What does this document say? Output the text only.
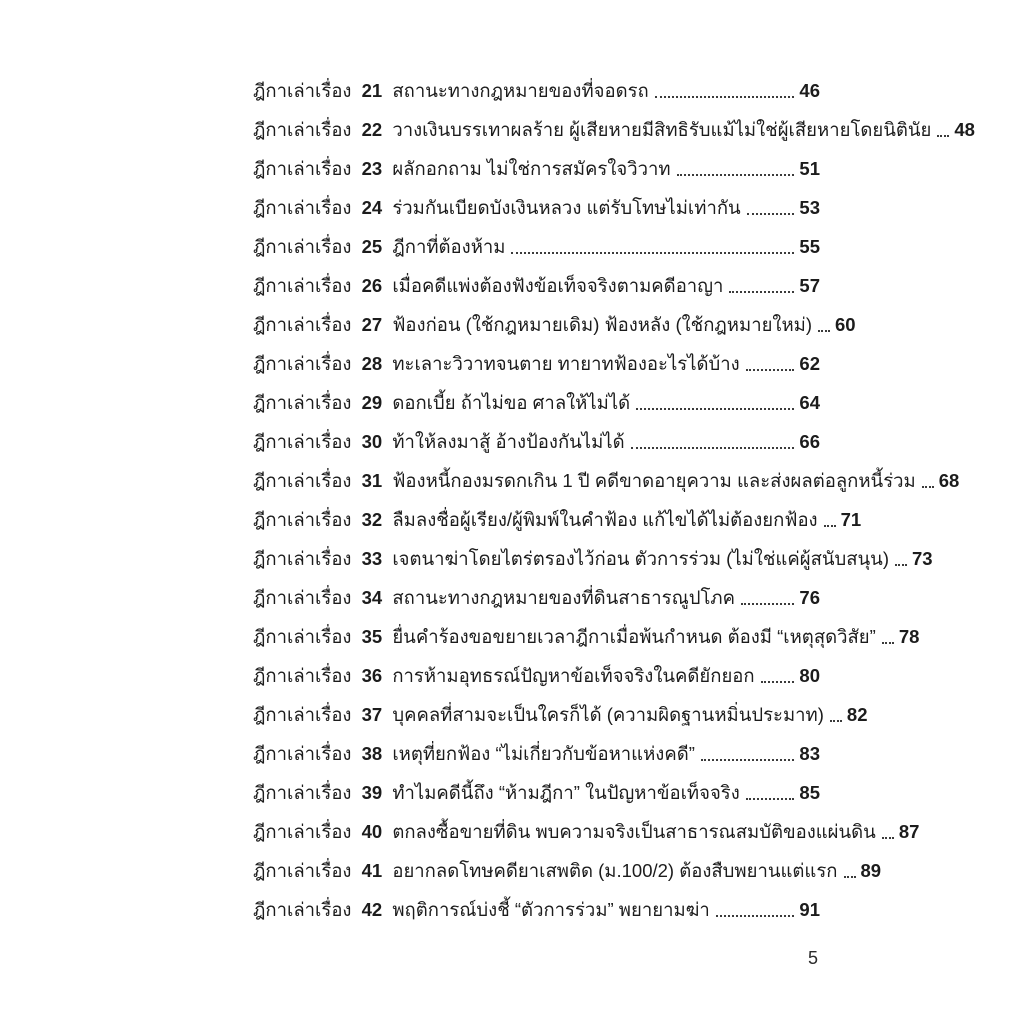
ฎีกาเล่าเรื่อง 21 สถานะทางกฎหมายของที่จอดรถ	46
ฎีกาเล่าเรื่อง 22 วางเงินบรรเทาผลร้าย ผู้เสียหายมีสิทธิรับแม้ไม่ใช่ผู้เสียหายโดยนิตินัย 48
ฎีกาเล่าเรื่อง 23 ผลักอกถาม ไม่ใช่การสมัครใจวิวาท	51
ฎีกาเล่าเรื่อง 24 ร่วมกันเบียดบังเงินหลวง แต่รับโทษไม่เท่ากัน	53
ฎีกาเล่าเรื่อง 25 ฎีกาที่ต้องห้าม	55
ฎีกาเล่าเรื่อง 26 เมื่อคดีแพ่งต้องฟังข้อเท็จจริงตามคดีอาญา	57
ฎีกาเล่าเรื่อง 27 ฟ้องก่อน (ใช้กฎหมายเดิม) ฟ้องหลัง (ใช้กฎหมายใหม่) 60
ฎีกาเล่าเรื่อง 28 ทะเลาะวิวาทจนตาย ทายาทฟ้องอะไรได้บ้าง	62
ฎีกาเล่าเรื่อง 29 ดอกเบี้ย ถ้าไม่ขอ ศาลให้ไม่ได้	64
ฎีกาเล่าเรื่อง 30 ท้าให้ลงมาสู้ อ้างป้องกันไม่ได้	66
ฎีกาเล่าเรื่อง 31 ฟ้องหนี้กองมรดกเกิน 1 ปี คดีขาดอายุความ และส่งผลต่อลูกหนี้ร่วม 68
ฎีกาเล่าเรื่อง 32 ลืมลงชื่อผู้เรียง/ผู้พิมพ์ในคำฟ้อง แก้ไขได้ไม่ต้องยกฟ้อง 71
ฎีกาเล่าเรื่อง 33 เจตนาฆ่าโดยไตร่ตรองไว้ก่อน ตัวการร่วม (ไม่ใช่แค่ผู้สนับสนุน) 73
ฎีกาเล่าเรื่อง 34 สถานะทางกฎหมายของที่ดินสาธารณูปโภค	76
ฎีกาเล่าเรื่อง 35 ยื่นคำร้องขอขยายเวลาฎีกาเมื่อพ้นกำหนด ต้องมี “เหตุสุดวิสัย” 78
ฎีกาเล่าเรื่อง 36 การห้ามอุทธรณ์ปัญหาข้อเท็จจริงในคดียักยอก 80
ฎีกาเล่าเรื่อง 37 บุคคลที่สามจะเป็นใครก็ได้ (ความผิดฐานหมิ่นประมาท) 82
ฎีกาเล่าเรื่อง 38 เหตุที่ยกฟ้อง “ไม่เกี่ยวกับข้อหาแห่งคดี”	83
ฎีกาเล่าเรื่อง 39 ทำไมคดีนี้ถึง “ห้ามฎีกา” ในปัญหาข้อเท็จจริง	85
ฎีกาเล่าเรื่อง 40 ตกลงซื้อขายที่ดิน พบความจริงเป็นสาธารณสมบัติของแผ่นดิน 87
ฎีกาเล่าเรื่อง 41 อยากลดโทษคดียาเสพติด (ม.100/2) ต้องสืบพยานแต่แรก 89
ฎีกาเล่าเรื่อง 42 พฤติการณ์บ่งชี้ “ตัวการร่วม” พยายามฆ่า	91
5
